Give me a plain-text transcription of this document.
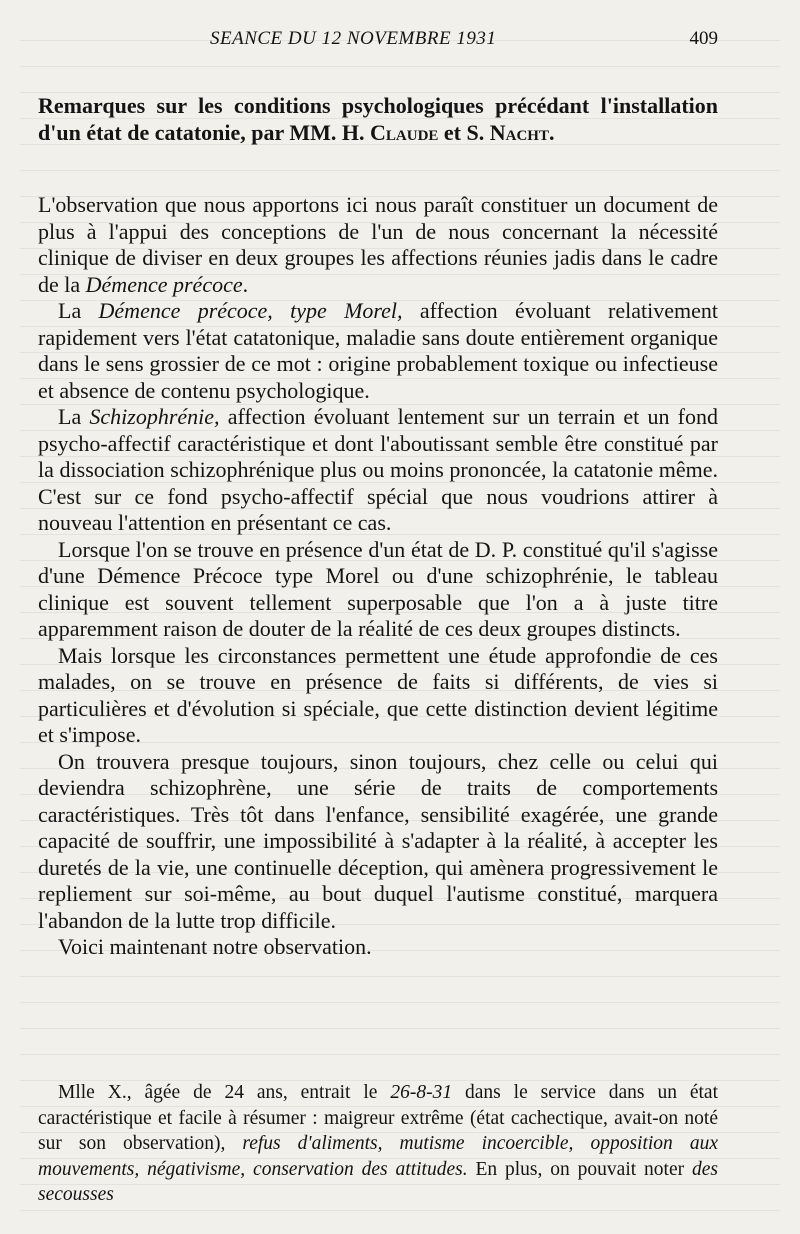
SEANCE DU 12 NOVEMBRE 1931	409
Remarques sur les conditions psychologiques précédant l'installation d'un état de catatonie, par MM. H. Claude et S. Nacht.

L'observation que nous apportons ici nous paraît constituer un document de plus à l'appui des conceptions de l'un de nous concernant la nécessité clinique de diviser en deux groupes les affections réunies jadis dans le cadre de la Démence précoce.

La Démence précoce, type Morel, affection évoluant relativement rapidement vers l'état catatonique, maladie sans doute entièrement organique dans le sens grossier de ce mot : origine probablement toxique ou infectieuse et absence de contenu psychologique.

La Schizophrénie, affection évoluant lentement sur un terrain et un fond psycho-affectif caractéristique et dont l'aboutissant semble être constitué par la dissociation schizophrénique plus ou moins prononcée, la catatonie même. C'est sur ce fond psycho-affectif spécial que nous voudrions attirer à nouveau l'attention en présentant ce cas.

Lorsque l'on se trouve en présence d'un état de D. P. constitué qu'il s'agisse d'une Démence Précoce type Morel ou d'une schizophrénie, le tableau clinique est souvent tellement superposable que l'on a à juste titre apparemment raison de douter de la réalité de ces deux groupes distincts.

Mais lorsque les circonstances permettent une étude approfondie de ces malades, on se trouve en présence de faits si différents, de vies si particulières et d'évolution si spéciale, que cette distinction devient légitime et s'impose.

On trouvera presque toujours, sinon toujours, chez celle ou celui qui deviendra schizophrène, une série de traits de comportements caractéristiques. Très tôt dans l'enfance, sensibilité exagérée, une grande capacité de souffrir, une impossibilité à s'adapter à la réalité, à accepter les duretés de la vie, une continuelle déception, qui amènera progressivement le repliement sur soi-même, au bout duquel l'autisme constitué, marquera l'abandon de la lutte trop difficile.

Voici maintenant notre observation.

Mlle X., âgée de 24 ans, entrait le 26-8-31 dans le service dans un état caractéristique et facile à résumer : maigreur extrême (état cachectique, avait-on noté sur son observation), refus d'aliments, mutisme incoercible, opposition aux mouvements, négativisme, conservation des attitudes. En plus, on pouvait noter des secousses
